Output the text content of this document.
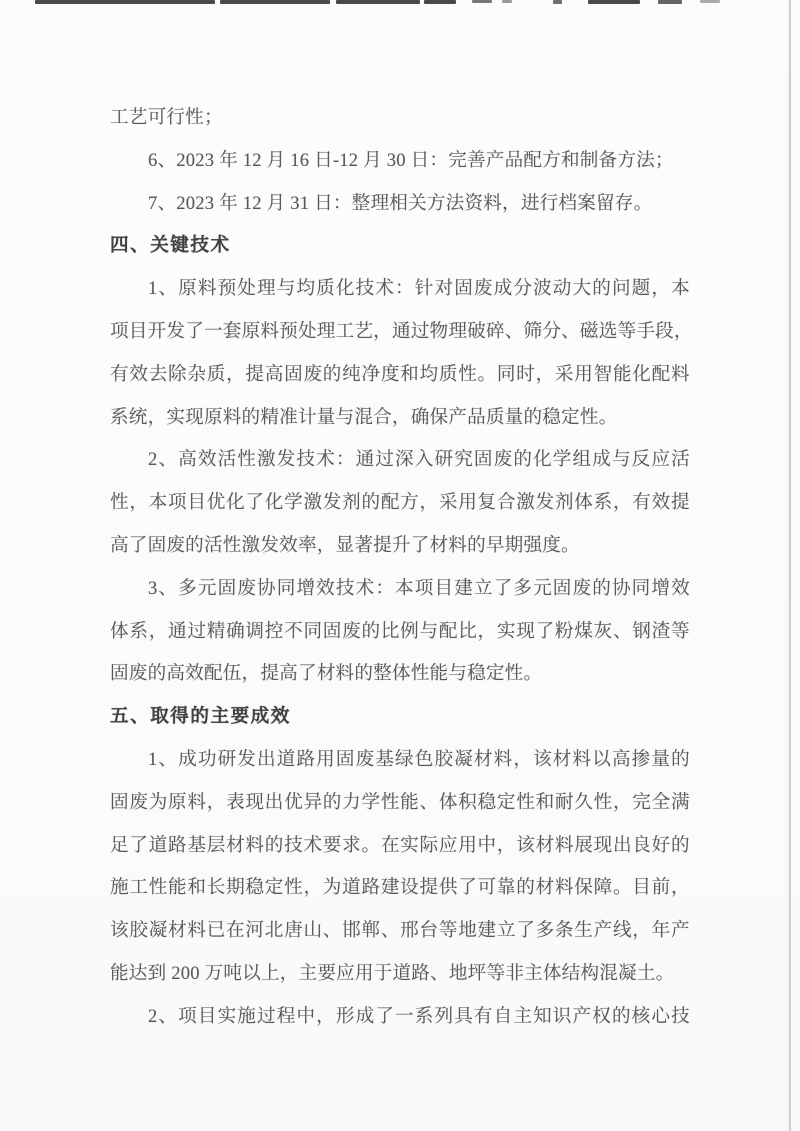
工艺可行性；
6、2023 年 12 月 16 日-12 月 30 日：完善产品配方和制备方法；
7、2023 年 12 月 31 日：整理相关方法资料，进行档案留存。
四、关键技术
1 、 原 料 预 处 理 与 均 质 化 技 术 ： 针 对 固 废 成 分 波 动 大 的 问 题 ， 本
项 目 开 发 了 一 套 原 料 预 处 理 工 艺 ， 通 过 物 理 破 碎 、 筛 分 、 磁 选 等 手 段 ，
有 效 去 除 杂 质 ， 提 高 固 废 的 纯 净 度 和 均 质 性 。 同 时 ， 采 用 智 能 化 配 料
系统，实现原料的精准计量与混合，确保产品质量的稳定性。
2 、 高 效 活 性 激 发 技 术 ： 通 过 深 入 研 究 固 废 的 化 学 组 成 与 反 应 活
性 ， 本 项 目 优 化 了 化 学 激 发 剂 的 配 方 ， 采 用 复 合 激 发 剂 体 系 ， 有 效 提
高了固废的活性激发效率，显著提升了材料的早期强度。
3 、 多 元 固 废 协 同 增 效 技 术 ： 本 项 目 建 立 了 多 元 固 废 的 协 同 增 效
体 系 ， 通 过 精 确 调 控 不 同 固 废 的 比 例 与 配 比 ， 实 现 了 粉 煤 灰 、 钢 渣 等
固废的高效配伍，提高了材料的整体性能与稳定性。
五、取得的主要成效
1 、 成 功 研 发 出 道 路 用 固 废 基 绿 色 胶 凝 材 料 ， 该 材 料 以 高 掺 量 的
固 废 为 原 料 ， 表 现 出 优 异 的 力 学 性 能 、 体 积 稳 定 性 和 耐 久 性 ， 完 全 满
足 了 道 路 基 层 材 料 的 技 术 要 求 。 在 实 际 应 用 中 ， 该 材 料 展 现 出 良 好 的
施 工 性 能 和 长 期 稳 定 性 ， 为 道 路 建 设 提 供 了 可 靠 的 材 料 保 障 。 目 前 ，
该 胶 凝 材 料 已 在 河 北 唐 山 、 邯 郸 、 邢 台 等 地 建 立 了 多 条 生 产 线 ， 年 产
能达到 200 万吨以上，主要应用于道路、地坪等非主体结构混凝土。
2 、 项 目 实 施 过 程 中 ， 形 成 了 一 系 列 具 有 自 主 知 识 产 权 的 核 心 技
